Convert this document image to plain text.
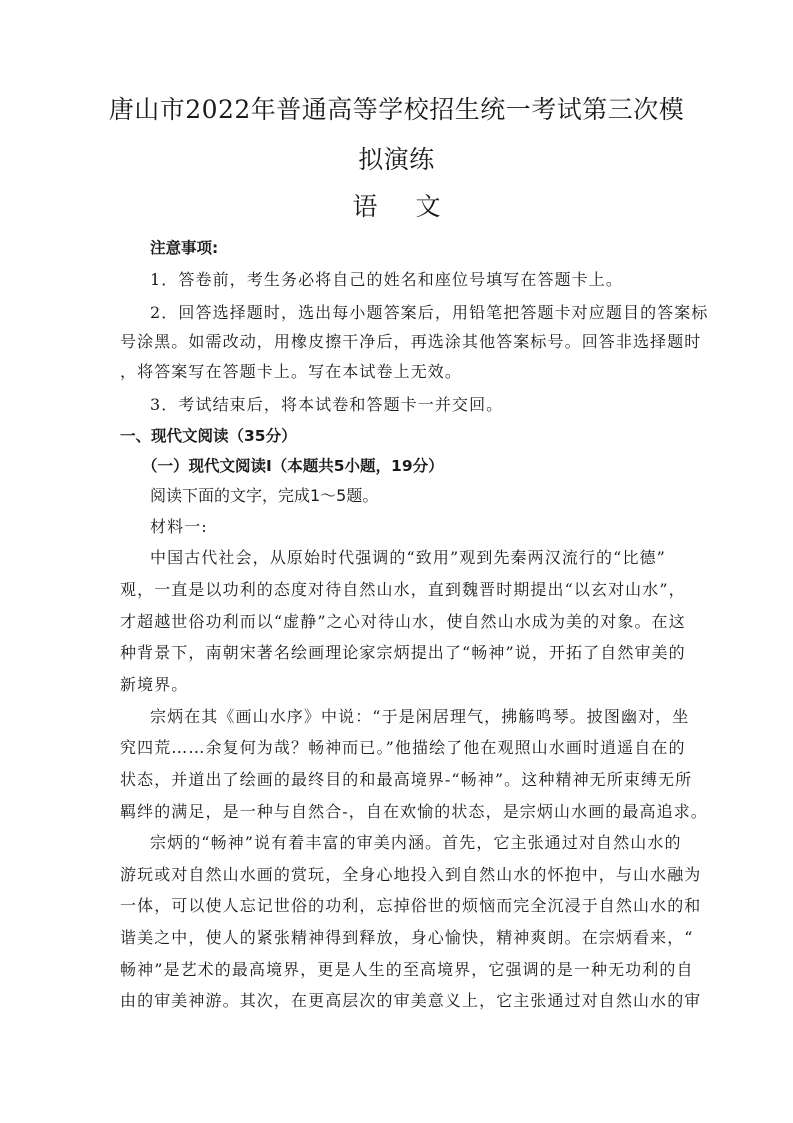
唐山市2022年普通高等学校招生统一考试第三次模
拟演练
语 文
注意事项:
1．答卷前，考生务必将自己的姓名和座位号填写在答题卡上。
2．回答选择题时，选出每小题答案后，用铅笔把答题卡对应题目的答案标
号涂黑。如需改动，用橡皮擦干净后，再选涂其他答案标号。回答非选择题时
，将答案写在答题卡上。写在本试卷上无效。
3．考试结束后，将本试卷和答题卡一并交回。
一、现代文阅读（35分）
（一）现代文阅读Ⅰ（本题共5小题，19分）
阅读下面的文字，完成1～5题。
材料一:
中国古代社会，从原始时代强调的“致用”观到先秦两汉流行的“比德”
观，一直是以功利的态度对待自然山水，直到魏晋时期提出“以玄对山水”，
才超越世俗功利而以“虚静”之心对待山水，使自然山水成为美的对象。在这
种背景下，南朝宋著名绘画理论家宗炳提出了“畅神”说，开拓了自然审美的
新境界。
宗炳在其《画山水序》中说：“于是闲居理气，拂觞鸣琴。披图幽对，坐
究四荒……余复何为哉？畅神而已。”他描绘了他在观照山水画时逍遥自在的
状态，并道出了绘画的最终目的和最高境界-“畅神”。这种精神无所束缚无所
羁绊的满足，是一种与自然合-，自在欢愉的状态，是宗炳山水画的最高追求。
宗炳的“畅神”说有着丰富的审美内涵。首先，它主张通过对自然山水的
游玩或对自然山水画的赏玩，全身心地投入到自然山水的怀抱中，与山水融为
一体，可以使人忘记世俗的功利，忘掉俗世的烦恼而完全沉浸于自然山水的和
谐美之中，使人的紧张精神得到释放，身心愉快，精神爽朗。在宗炳看来，“
畅神”是艺术的最高境界，更是人生的至高境界，它强调的是一种无功利的自
由的审美神游。其次，在更高层次的审美意义上，它主张通过对自然山水的审
